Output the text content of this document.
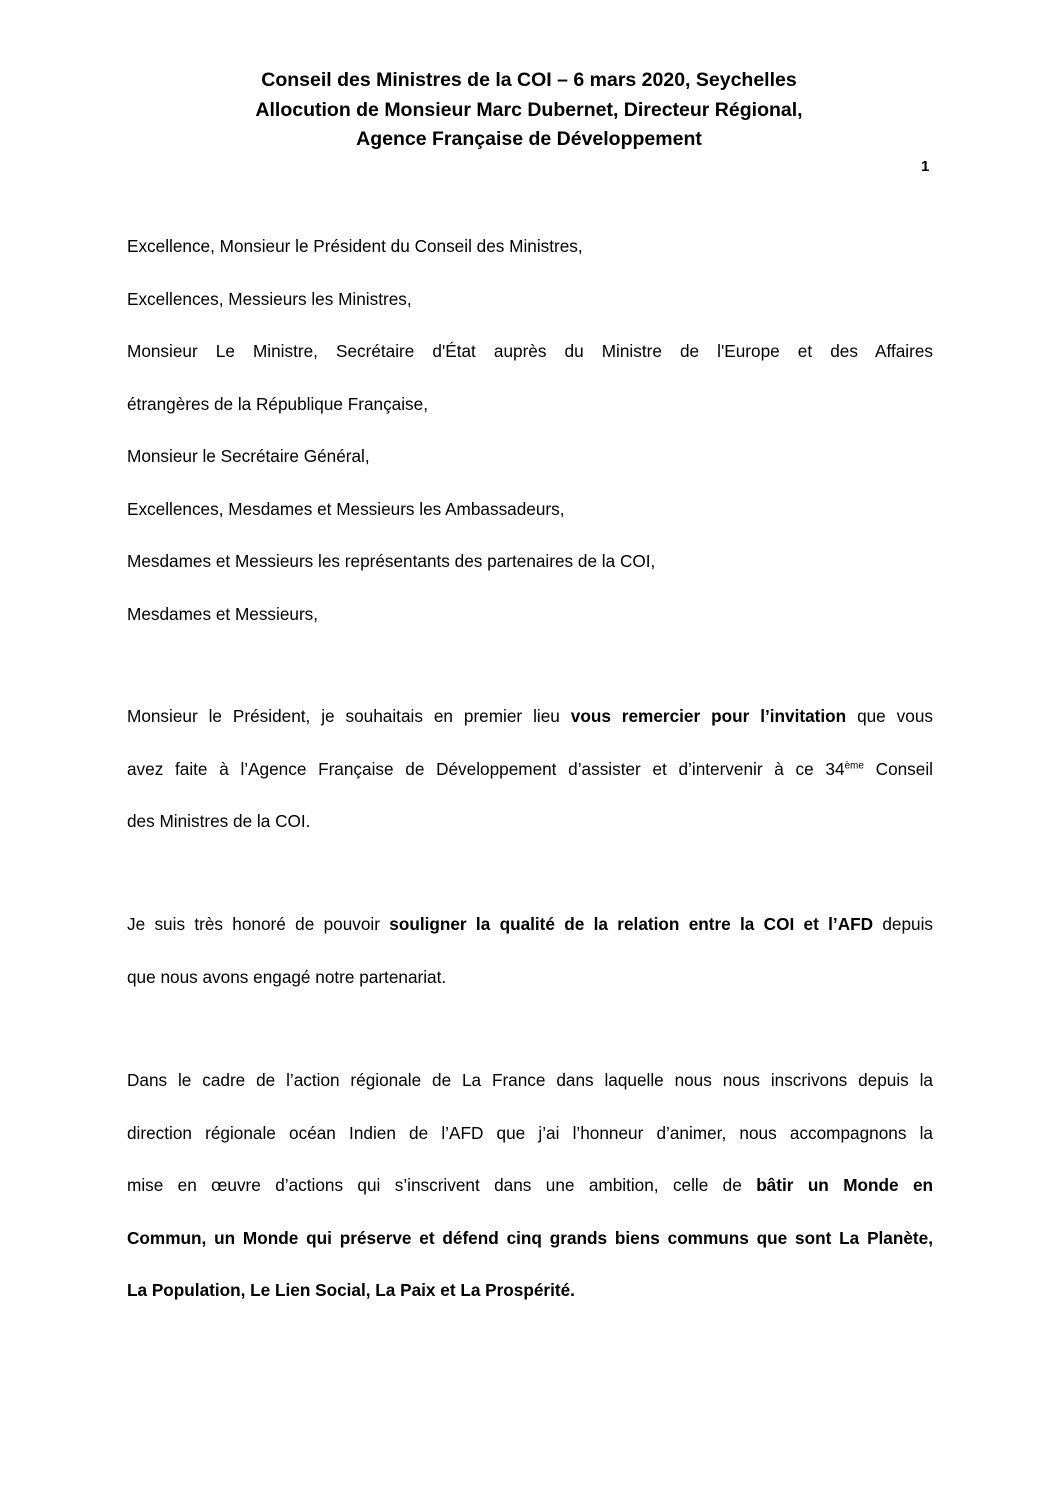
Conseil des Ministres de la COI – 6 mars 2020, Seychelles
Allocution de Monsieur Marc Dubernet, Directeur Régional,
Agence Française de Développement
1
Excellence, Monsieur le Président du Conseil des Ministres,
Excellences, Messieurs les Ministres,
Monsieur Le Ministre, Secrétaire d'État auprès du Ministre de l'Europe et des Affaires
étrangères de la République Française,
Monsieur le Secrétaire Général,
Excellences, Mesdames et Messieurs les Ambassadeurs,
Mesdames et Messieurs les représentants des partenaires de la COI,
Mesdames et Messieurs,
Monsieur le Président, je souhaitais en premier lieu vous remercier pour l’invitation que vous
avez faite à l’Agence Française de Développement d’assister et d’intervenir à ce 34ème Conseil
des Ministres de la COI.
Je suis très honoré de pouvoir souligner la qualité de la relation entre la COI et l’AFD depuis
que nous avons engagé notre partenariat.
Dans le cadre de l’action régionale de La France dans laquelle nous nous inscrivons depuis la
direction régionale océan Indien de l’AFD que j’ai l’honneur d’animer, nous accompagnons la
mise en œuvre d’actions qui s’inscrivent dans une ambition, celle de bâtir un Monde en
Commun, un Monde qui préserve et défend cinq grands biens communs que sont La Planète,
La Population, Le Lien Social, La Paix et La Prospérité.
